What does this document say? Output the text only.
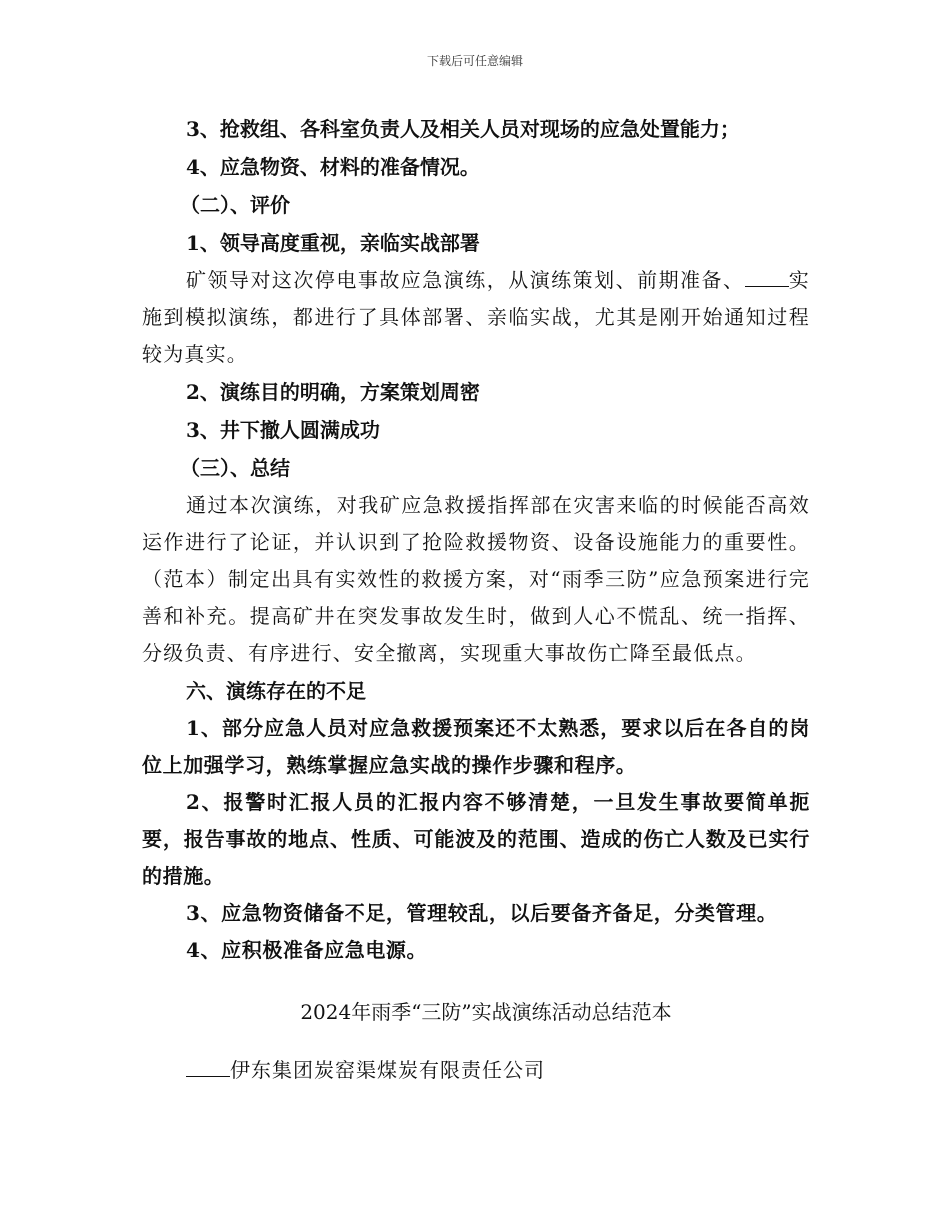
下载后可任意编辑

3、抢救组、各科室负责人及相关人员对现场的应急处置能力；

4、应急物资、材料的准备情况。

（二）、评价

1、领导高度重视，亲临实战部署

矿领导对这次停电事故应急演练，从演练策划、前期准备、 实施到模拟演练，都进行了具体部署、亲临实战，尤其是刚开始通知过程较为真实。

2、演练目的明确，方案策划周密

3、井下撤人圆满成功

（三）、总结

通过本次演练，对我矿应急救援指挥部在灾害来临的时候能否高效运作进行了论证，并认识到了抢险救援物资、设备设施能力的重要性。（范本）制定出具有实效性的救援方案，对“雨季三防”应急预案进行完善和补充。提高矿井在突发事故发生时，做到人心不慌乱、统一指挥、分级负责、有序进行、安全撤离，实现重大事故伤亡降至最低点。

六、演练存在的不足

1、部分应急人员对应急救援预案还不太熟悉，要求以后在各自的岗位上加强学习，熟练掌握应急实战的操作步骤和程序。

2、报警时汇报人员的汇报内容不够清楚，一旦发生事故要简单扼要，报告事故的地点、性质、可能波及的范围、造成的伤亡人数及已实行的措施。

3、应急物资储备不足，管理较乱，以后要备齐备足，分类管理。

4、应积极准备应急电源。

2024年雨季“三防”实战演练活动总结范本

伊东集团炭窑渠煤炭有限责任公司
